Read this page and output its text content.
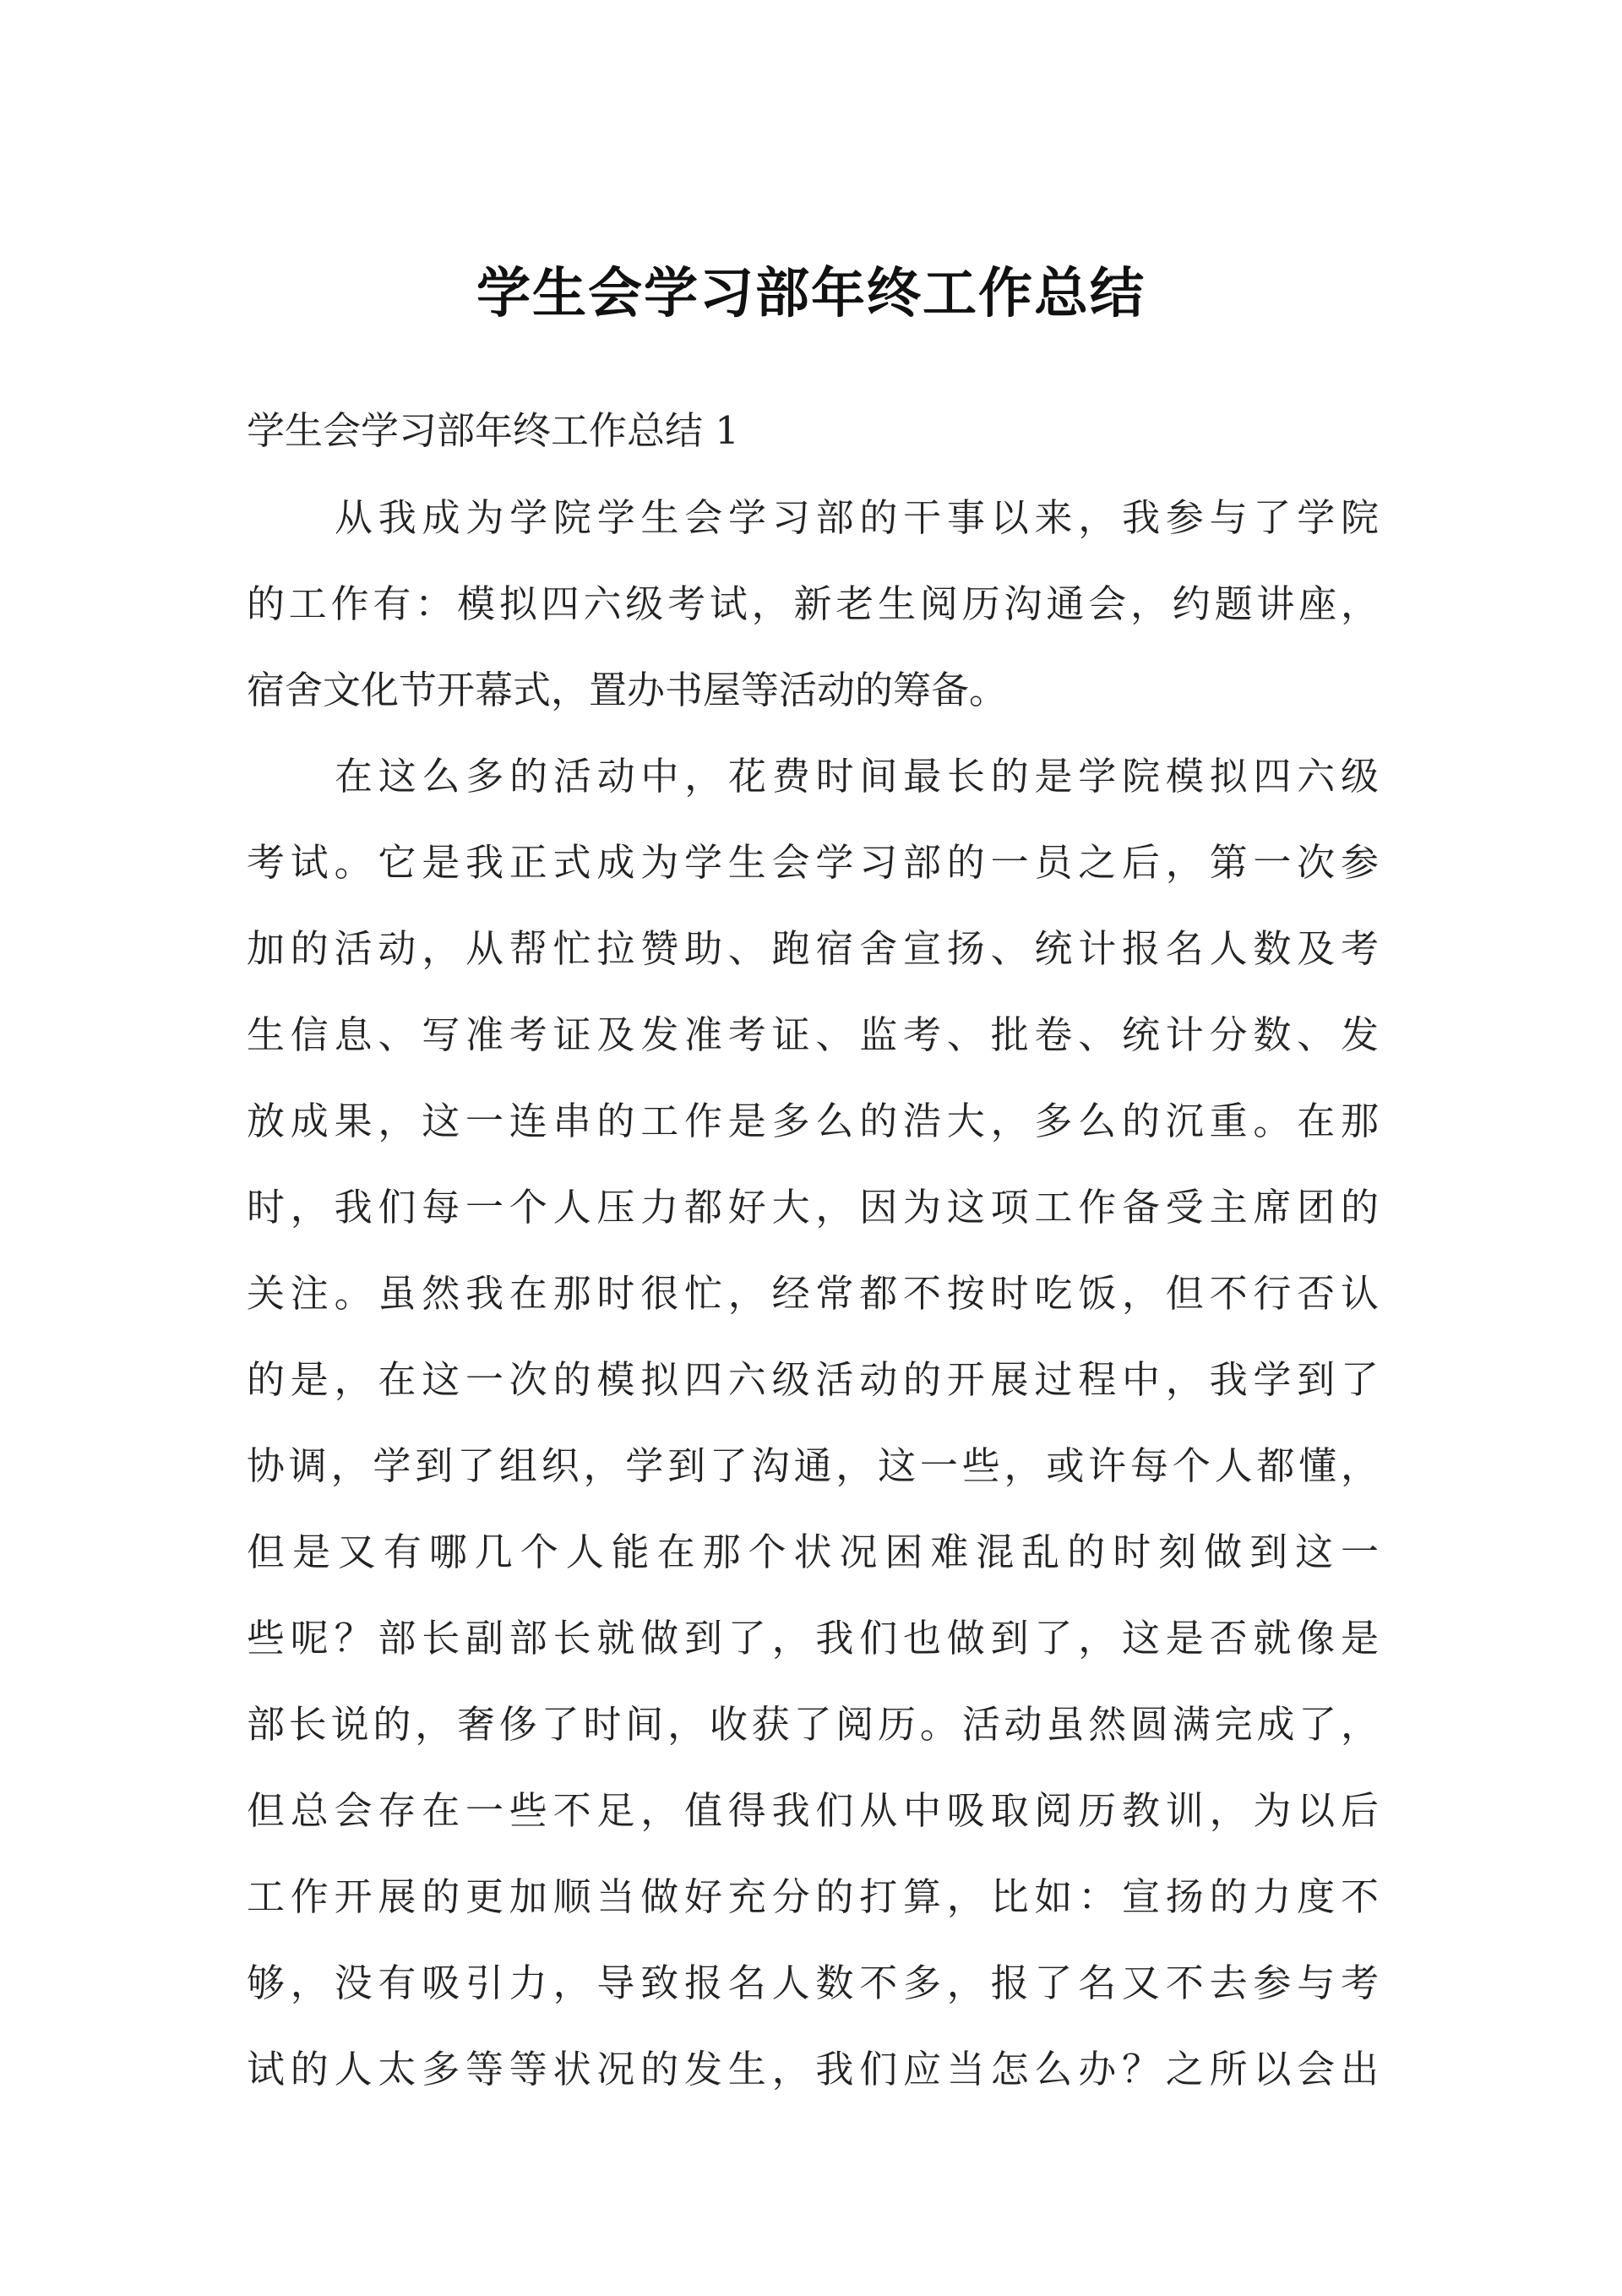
学生会学习部年终工作总结
学生会学习部年终工作总结 1
从我成为学院学生会学习部的干事以来，我参与了学院
的工作有：模拟四六级考试，新老生阅历沟通会，约题讲座，
宿舍文化节开幕式，置办书屋等活动的筹备。
在这么多的活动中，花费时间最长的是学院模拟四六级
考试。它是我正式成为学生会学习部的一员之后，第一次参
加的活动，从帮忙拉赞助、跑宿舍宣扬、统计报名人数及考
生信息、写准考证及发准考证、监考、批卷、统计分数、发
放成果，这一连串的工作是多么的浩大，多么的沉重。在那
时，我们每一个人压力都好大，因为这项工作备受主席团的
关注。虽然我在那时很忙，经常都不按时吃饭，但不行否认
的是，在这一次的模拟四六级活动的开展过程中，我学到了
协调，学到了组织，学到了沟通，这一些，或许每个人都懂，
但是又有哪几个人能在那个状况困难混乱的时刻做到这一
些呢？部长副部长就做到了，我们也做到了，这是否就像是
部长说的，奢侈了时间，收获了阅历。活动虽然圆满完成了，
但总会存在一些不足，值得我们从中吸取阅历教训，为以后
工作开展的更加顺当做好充分的打算，比如：宣扬的力度不
够，没有吸引力，导致报名人数不多，报了名又不去参与考
试的人太多等等状况的发生，我们应当怎么办？之所以会出
